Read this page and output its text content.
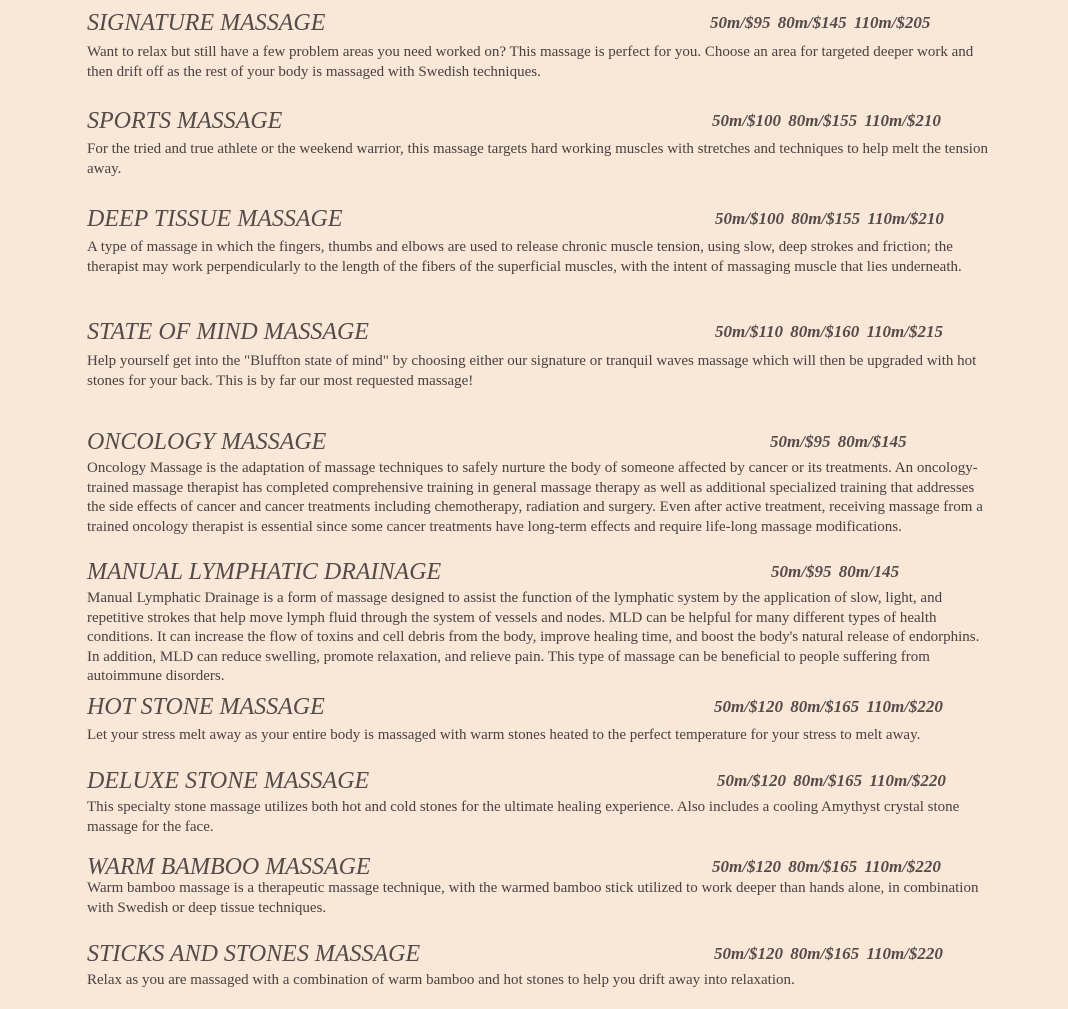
SIGNATURE MASSAGE	50m/$95 80m/$145 110m/$205

Want to relax but still have a few problem areas you need worked on? This massage is perfect for you. Choose an area for targeted deeper work and then drift off as the rest of your body is massaged with Swedish techniques.

SPORTS MASSAGE	50m/$100 80m/$155 110m/$210

For the tried and true athlete or the weekend warrior, this massage targets hard working muscles with stretches and techniques to help melt the tension away.

DEEP TISSUE MASSAGE	50m/$100 80m/$155 110m/$210

A type of massage in which the fingers, thumbs and elbows are used to release chronic muscle tension, using slow, deep strokes and friction; the therapist may work perpendicularly to the length of the fibers of the superficial muscles, with the intent of massaging muscle that lies underneath.

STATE OF MIND MASSAGE	50m/$110 80m/$160 110m/$215

Help yourself get into the "Bluffton state of mind" by choosing either our signature or tranquil waves massage which will then be upgraded with hot stones for your back. This is by far our most requested massage!

ONCOLOGY MASSAGE	50m/$95 80m/$145

Oncology Massage is the adaptation of massage techniques to safely nurture the body of someone affected by cancer or its treatments. An oncology-trained massage therapist has completed comprehensive training in general massage therapy as well as additional specialized training that addresses the side effects of cancer and cancer treatments including chemotherapy, radiation and surgery. Even after active treatment, receiving massage from a trained oncology therapist is essential since some cancer treatments have long-term effects and require life-long massage modifications.

MANUAL LYMPHATIC DRAINAGE	50m/$95 80m/145

Manual Lymphatic Drainage is a form of massage designed to assist the function of the lymphatic system by the application of slow, light, and repetitive strokes that help move lymph fluid through the system of vessels and nodes. MLD can be helpful for many different types of health conditions. It can increase the flow of toxins and cell debris from the body, improve healing time, and boost the body's natural release of endorphins. In addition, MLD can reduce swelling, promote relaxation, and relieve pain. This type of massage can be beneficial to people suffering from autoimmune disorders.

HOT STONE MASSAGE	50m/$120 80m/$165 110m/$220

Let your stress melt away as your entire body is massaged with warm stones heated to the perfect temperature for your stress to melt away.

DELUXE STONE MASSAGE	50m/$120 80m/$165 110m/$220

This specialty stone massage utilizes both hot and cold stones for the ultimate healing experience. Also includes a cooling Amythyst crystal stone massage for the face.

WARM BAMBOO MASSAGE	50m/$120 80m/$165 110m/$220

Warm bamboo massage is a therapeutic massage technique, with the warmed bamboo stick utilized to work deeper than hands alone, in combination with Swedish or deep tissue techniques.

STICKS AND STONES MASSAGE	50m/$120 80m/$165 110m/$220

Relax as you are massaged with a combination of warm bamboo and hot stones to help you drift away into relaxation.
